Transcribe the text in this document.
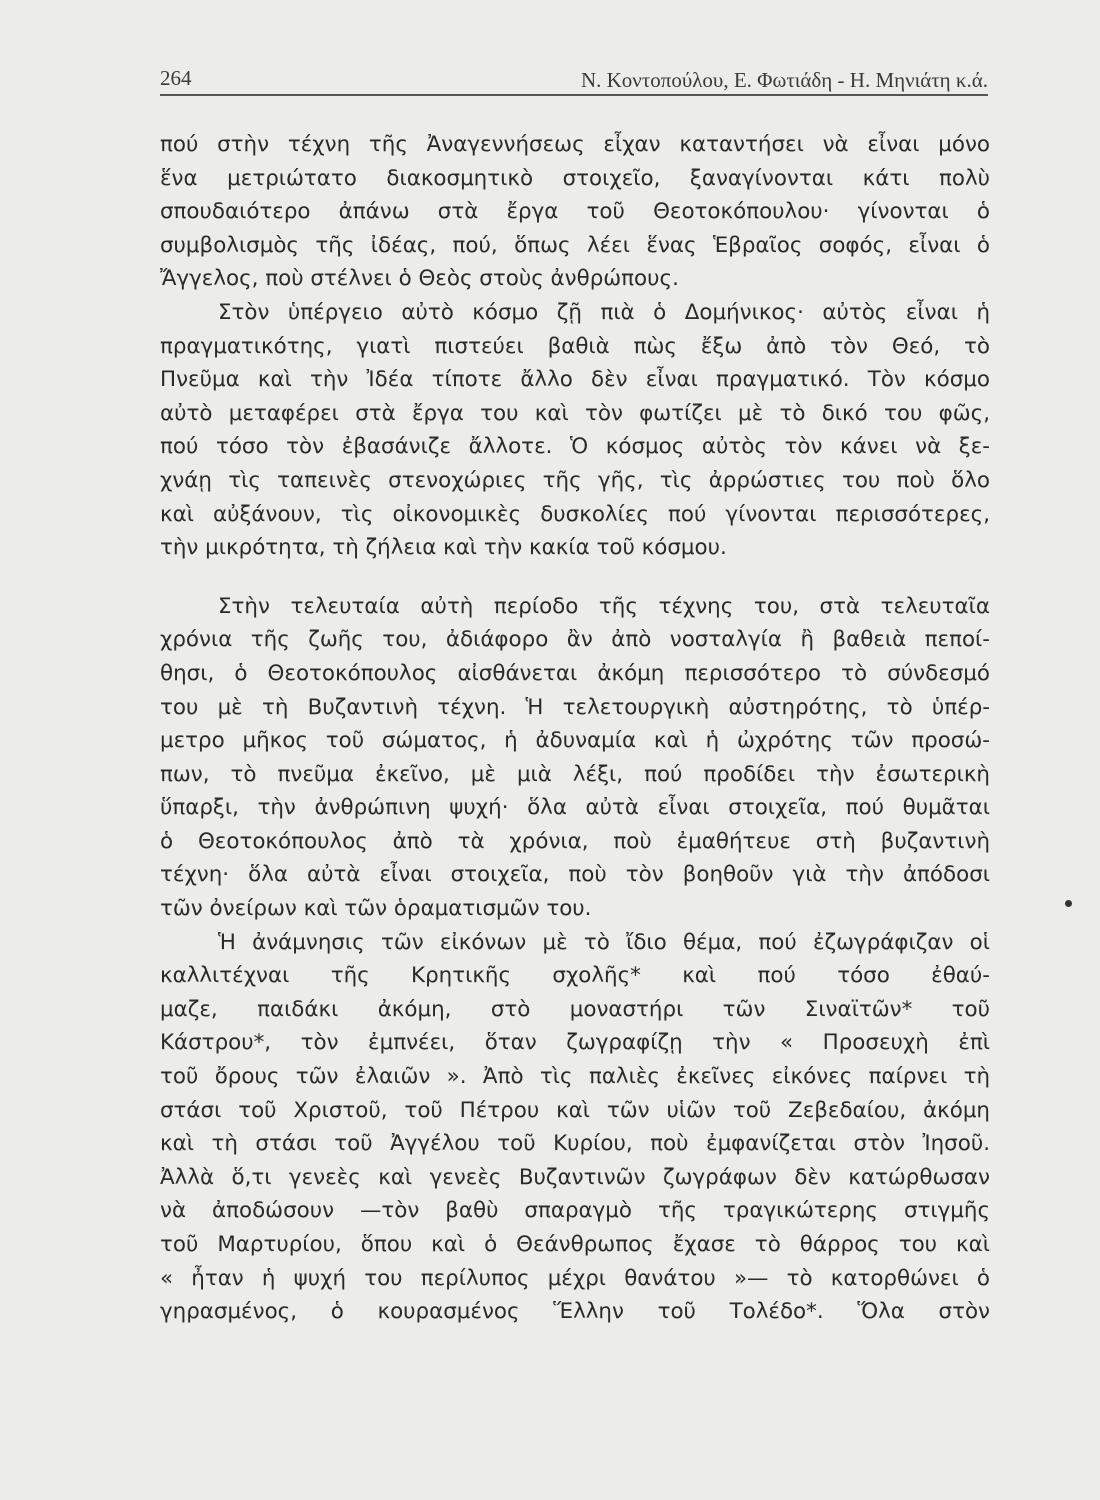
264	Ν. Κοντοπούλου, Ε. Φωτιάδη - Η. Μηνιάτη κ.ά.
πού στὴν τέχνη τῆς Ἀναγεννήσεως εἶχαν καταντήσει νὰ εἶναι μόνο
ἕνα μετριώτατο διακοσμητικὸ στοιχεῖο, ξαναγίνονται κάτι πολὺ
σπουδαιότερο ἀπάνω στὰ ἔργα τοῦ Θεοτοκόπουλου· γίνονται ὁ
συμβολισμὸς τῆς ἰδέας, πού, ὅπως λέει ἕνας Ἑβραῖος σοφός, εἶναι ὁ
Ἄγγελος, ποὺ στέλνει ὁ Θεὸς στοὺς ἀνθρώπους.
Στὸν ὑπέργειο αὐτὸ κόσμο ζῇ πιὰ ὁ Δομήνικος· αὐτὸς εἶναι ἡ
πραγματικότης, γιατὶ πιστεύει βαθιὰ πὼς ἔξω ἀπὸ τὸν Θεό, τὸ
Πνεῦμα καὶ τὴν Ἰδέα τίποτε ἄλλο δὲν εἶναι πραγματικό. Τὸν κόσμο
αὐτὸ μεταφέρει στὰ ἔργα του καὶ τὸν φωτίζει μὲ τὸ δικό του φῶς,
πού τόσο τὸν ἐβασάνιζε ἄλλοτε. Ὁ κόσμος αὐτὸς τὸν κάνει νὰ ξε-
χνάῃ τὶς ταπεινὲς στενοχώριες τῆς γῆς, τὶς ἀρρώστιες του ποὺ ὅλο
καὶ αὐξάνουν, τὶς οἰκονομικὲς δυσκολίες πού γίνονται περισσότερες,
τὴν μικρότητα, τὴ ζήλεια καὶ τὴν κακία τοῦ κόσμου.
Στὴν τελευταία αὐτὴ περίοδο τῆς τέχνης του, στὰ τελευταῖα
χρόνια τῆς ζωῆς του, ἀδιάφορο ἂν ἀπὸ νοσταλγία ἢ βαθειὰ πεποί-
θησι, ὁ Θεοτοκόπουλος αἰσθάνεται ἀκόμη περισσότερο τὸ σύνδεσμό
του μὲ τὴ Βυζαντινὴ τέχνη. Ἡ τελετουργικὴ αὐστηρότης, τὸ ὑπέρ-
μετρο μῆκος τοῦ σώματος, ἡ ἀδυναμία καὶ ἡ ὠχρότης τῶν προσώ-
πων, τὸ πνεῦμα ἐκεῖνο, μὲ μιὰ λέξι, πού προδίδει τὴν ἐσωτερικὴ
ὕπαρξι, τὴν ἀνθρώπινη ψυχή· ὅλα αὐτὰ εἶναι στοιχεῖα, πού θυμᾶται
ὁ Θεοτοκόπουλος ἀπὸ τὰ χρόνια, ποὺ ἐμαθήτευε στὴ βυζαντινὴ
τέχνη· ὅλα αὐτὰ εἶναι στοιχεῖα, ποὺ τὸν βοηθοῦν γιὰ τὴν ἀπόδοσι
τῶν ὀνείρων καὶ τῶν ὁραματισμῶν του.
Ἡ ἀνάμνησις τῶν εἰκόνων μὲ τὸ ἴδιο θέμα, πού ἐζωγράφιζαν οἱ
καλλιτέχναι τῆς Κρητικῆς σχολῆς* καὶ πού τόσο ἐθαύ-
μαζε, παιδάκι ἀκόμη, στὸ μοναστήρι τῶν Σιναϊτῶν* τοῦ
Κάστρου*, τὸν ἐμπνέει, ὅταν ζωγραφίζῃ τὴν « Προσευχὴ ἐπὶ
τοῦ ὄρους τῶν ἐλαιῶν ». Ἀπὸ τὶς παλιὲς ἐκεῖνες εἰκόνες παίρνει τὴ
στάσι τοῦ Χριστοῦ, τοῦ Πέτρου καὶ τῶν υἱῶν τοῦ Ζεβεδαίου, ἀκόμη
καὶ τὴ στάσι τοῦ Ἀγγέλου τοῦ Κυρίου, ποὺ ἐμφανίζεται στὸν Ἰησοῦ.
Ἀλλὰ ὅ,τι γενεὲς καὶ γενεὲς Βυζαντινῶν ζωγράφων δὲν κατώρθωσαν
νὰ ἀποδώσουν —τὸν βαθὺ σπαραγμὸ τῆς τραγικώτερης στιγμῆς
τοῦ Μαρτυρίου, ὅπου καὶ ὁ Θεάνθρωπος ἔχασε τὸ θάρρος του καὶ
« ἦταν ἡ ψυχή του περίλυπος μέχρι θανάτου »— τὸ κατορθώνει ὁ
γηρασμένος, ὁ κουρασμένος Ἕλλην τοῦ Τολέδο*. Ὅλα στὸν
